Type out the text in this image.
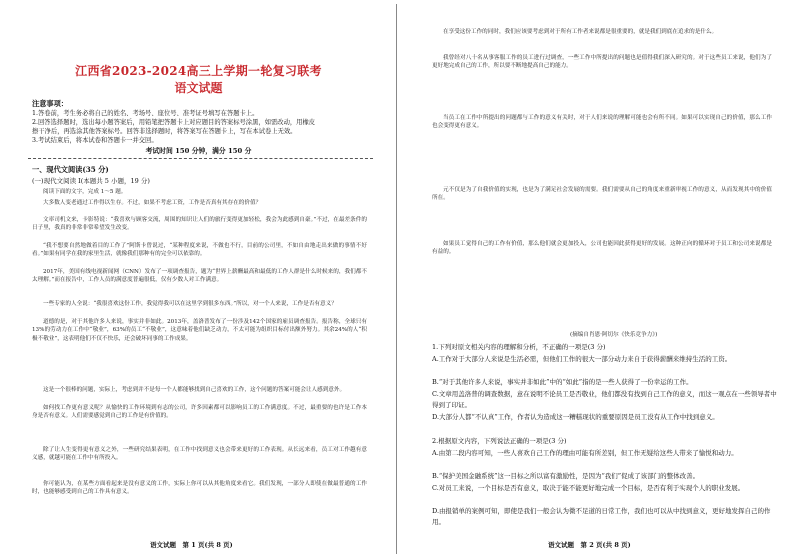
江西省2023-2024高三上学期一轮复习联考
语文试题
注意事项：
1.答卷前，考生务必将自己的姓名、考场号、座位号、准考证号填写在答题卡上。
2.回答选择题时，选出每小题答案后，用铅笔把答题卡上对应题目的答案标号涂黑，如需改动，用橡皮
擦干净后，再选涂其他答案标号。回答非选择题时，将答案写在答题卡上，写在本试卷上无效。
3.考试结束后，将本试卷和答题卡一并交回。
考试时间 150 分钟，满分 150 分
一、现代文阅读(35 分)
(一)现代文阅读 I(本题共 5 小题，19 分)
阅读下面的文字，完成 1～5 题。
大多数人变老通过工作得以生存。不过，如果不考虑工资，工作是否真有其存在的价值？
文率司机文来，卡影特说：“我喜欢与顾客交流，周围的知识让人们的旅行变得更加轻松，我会为此感到自豪。”不过，在最差条件的日子里，我真的非常非常希望发生改变。
“我不想要自然地做着目的工作了”阿斯卡曾说过，“某种程度来说，不做也不行，目前的公司里，不如自由地走出来做的事情不好看。”如果有同学在我的家里生活，就像我们那种有的完全可以依靠的。
2017年，美国有线电视新闻网（CNN）发布了一项调查报告，题为“世界上薪酬最高和最低的工作人群是什么时候来的，我们都不太理解。”而在报告中，工作人员的满意度普遍很低，仅有少数人对工作满意。
一些专家的人全说：“我很喜欢这份工作，我觉得我可以在这里学到很多东西。”所以，对一个人来说，工作是否有意义？
道德的是，对于其他许多人来说，事实并非如此。2013年，盖洛普发布了一份涉及142个国家的雇员调查报告。报告称，全球只有13%的劳动力在工作中“敬业”，63%的员工“不敬业”，这意味着他们缺乏动力，不太可能为组织目标付出额外努力。其余24%的人“积极不敬业”，这表明他们不仅不快乐，还会破坏同事的工作成果。
这是一个很棒的问题，实际上，考虑到并不是每一个人都能够找到自己喜欢的工作，这个问题的答案可能会让人感到意外。
如何找工作更有意义呢？从愉快的工作环境到有志的公司，许多因素都可以影响员工的工作满意度。不过，最重要的也许是工作本身是否有意义。人们需要感觉到自己的工作是有价值的。
除了让人生变得更有意义之外，一些研究结果表明，在工作中找到意义也会带来更好的工作表现。从长远来看，员工对工作越有意义感，就越可能在工作中有所投入。
你可能认为，在某些方面看起来是没有意义的工作，实际上你可以从其他角度来看它。我们发现，一部分人即使在做最普通的工作时，也能够感受到自己的工作具有意义。
语文试题　第 1 页(共 8 页)
在享受这份工作的同时，我们应该要考虑到对于所有工作者来说都是很重要的，就是我们到底在追求的是什么。
我曾经对八十名从事客服工作的员工进行过调查，一些工作中所提出的问题也是值得我们深入研究的。对于这些员工来说，他们为了更好地完成自己的工作，所以要不断地提高自己的能力。
当员工在工作中所提出的问题都与工作的意义有关时，对于人们来说的理解可能也会有所不同。如果可以实现自己的价值，那么工作也会变得更有意义。
元不仅是为了自我价值的实现，也是为了满足社会发展的需要。我们需要从自己的角度来重新审视工作的意义，从而发现其中的价值所在。
如果员工觉得自己的工作有价值，那么他们就会更加投入，公司也能因此获得更好的发展。这种正向的循环对于员工和公司来说都是有益的。
(摘编自肖恩·阿切尔《快乐竞争力》)
1.下列对原文相关内容的理解和分析，不正确的一项是(3 分)
A.工作对于大部分人来说是生活必需，但他们工作的很大一部分动力来自于获得薪酬来维持生活的工资。
B.“对于其他许多人来说，事实并非如此”中的“如此”指的是一些人获得了一份幸运的工作。
C.文章用盖洛普的调查数据，意在说明不论员工是否敬业，他们都没有找到自己工作的意义，而这一观点在一些领导者中得到了印证。
D.大部分人都“不认真”工作，作者认为造成这一糟糕现状的重要原因是员工没有从工作中找到意义。
2.根据原文内容，下列说法正确的一项是(3 分)
A.由第二段内容可知，一些人喜欢自己工作的理由可能有所差别，但工作无疑给这些人带来了愉悦和动力。
B.“保护美国金融系统”这一目标之所以富有激励性，是因为“我们”促成了该部门的整体改善。
C.对员工来说，一个目标是否有意义，取决于能不能更好地完成一个目标，是否有利于实现个人的职业发展。
D.由报销单的案例可知，即使是我们一般会认为微不足道的日常工作，我们也可以从中找到意义，更好地发挥自己的作用。
语文试题　第 2 页(共 8 页)
